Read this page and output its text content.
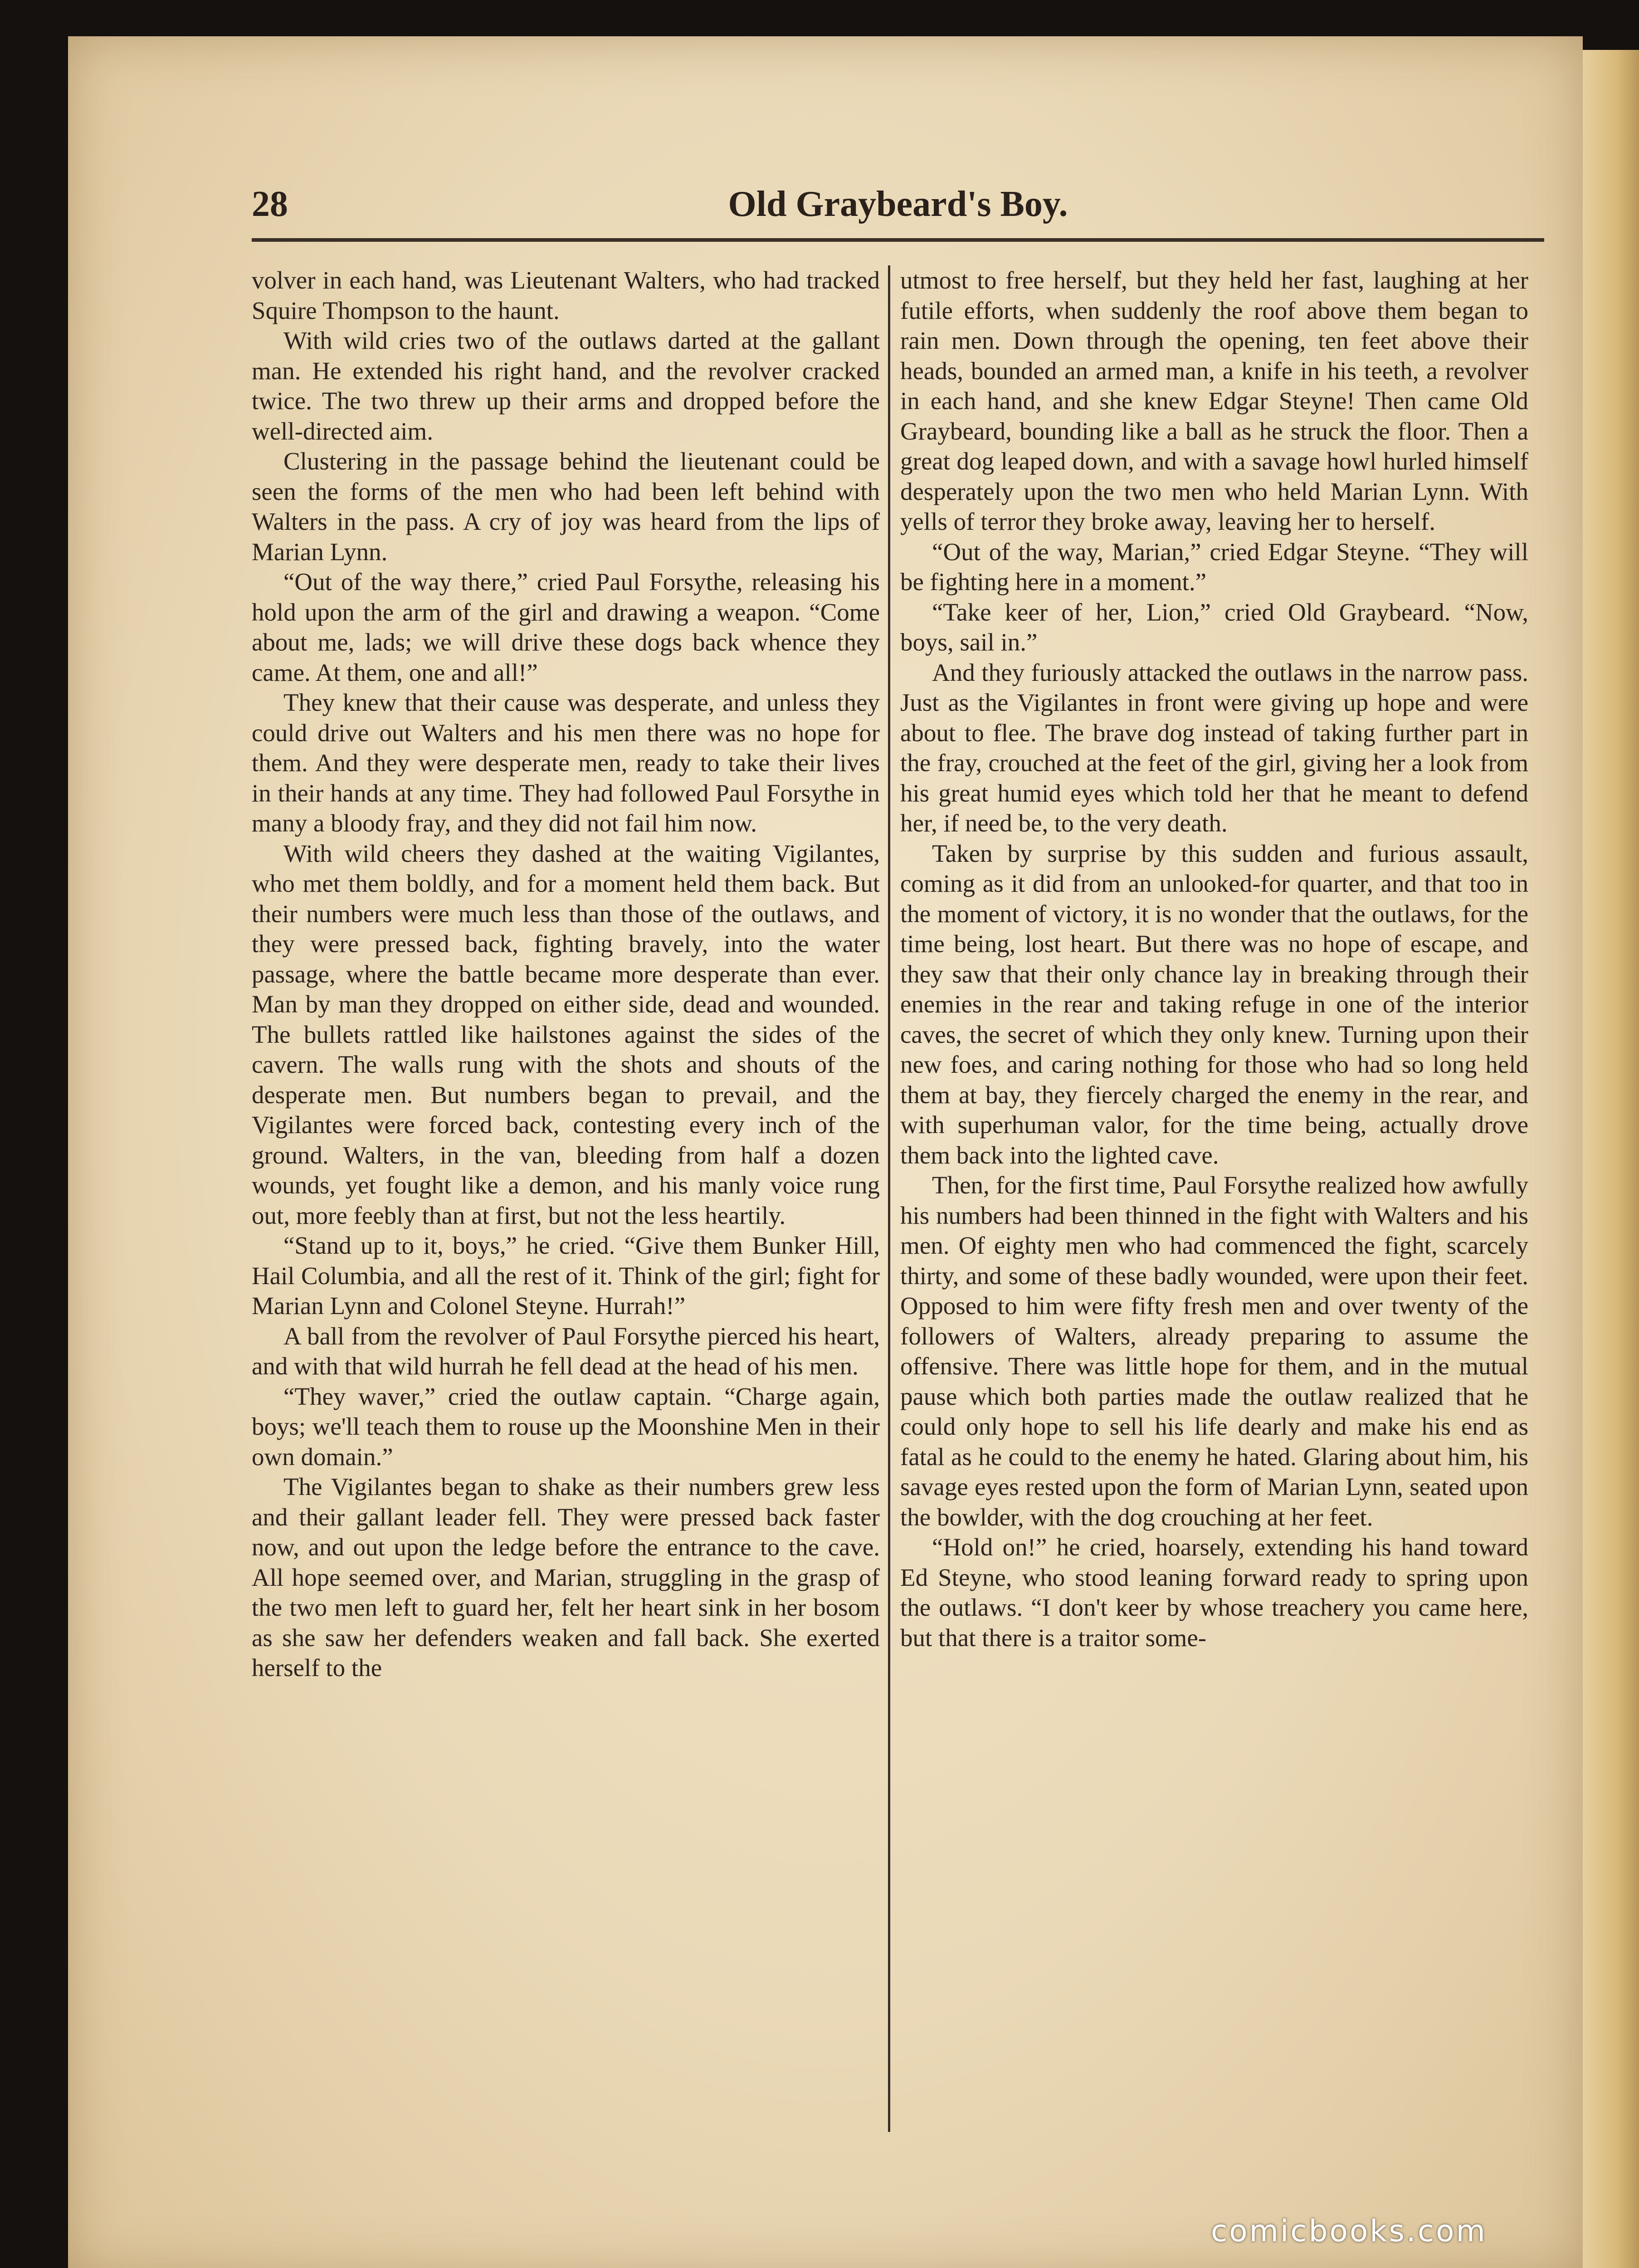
28	Old Graybeard's Boy.

volver in each hand, was Lieutenant Walters, who had tracked Squire Thompson to the haunt.

With wild cries two of the outlaws darted at the gallant man. He extended his right hand, and the revolver cracked twice. The two threw up their arms and dropped before the well-directed aim.

Clustering in the passage behind the lieutenant could be seen the forms of the men who had been left behind with Walters in the pass. A cry of joy was heard from the lips of Marian Lynn.

“Out of the way there,” cried Paul Forsythe, releasing his hold upon the arm of the girl and drawing a weapon. “Come about me, lads; we will drive these dogs back whence they came. At them, one and all!”

They knew that their cause was desperate, and unless they could drive out Walters and his men there was no hope for them. And they were desperate men, ready to take their lives in their hands at any time. They had followed Paul Forsythe in many a bloody fray, and they did not fail him now.

With wild cheers they dashed at the waiting Vigilantes, who met them boldly, and for a moment held them back. But their numbers were much less than those of the outlaws, and they were pressed back, fighting bravely, into the water passage, where the battle became more desperate than ever. Man by man they dropped on either side, dead and wounded. The bullets rattled like hailstones against the sides of the cavern. The walls rung with the shots and shouts of the desperate men. But numbers began to prevail, and the Vigilantes were forced back, contesting every inch of the ground. Walters, in the van, bleeding from half a dozen wounds, yet fought like a demon, and his manly voice rung out, more feebly than at first, but not the less heartily.

“Stand up to it, boys,” he cried. “Give them Bunker Hill, Hail Columbia, and all the rest of it. Think of the girl; fight for Marian Lynn and Colonel Steyne. Hurrah!”

A ball from the revolver of Paul Forsythe pierced his heart, and with that wild hurrah he fell dead at the head of his men.

“They waver,” cried the outlaw captain. “Charge again, boys; we'll teach them to rouse up the Moonshine Men in their own domain.”

The Vigilantes began to shake as their numbers grew less and their gallant leader fell. They were pressed back faster now, and out upon the ledge before the entrance to the cave. All hope seemed over, and Marian, struggling in the grasp of the two men left to guard her, felt her heart sink in her bosom as she saw her defenders weaken and fall back. She exerted herself to the

utmost to free herself, but they held her fast, laughing at her futile efforts, when suddenly the roof above them began to rain men. Down through the opening, ten feet above their heads, bounded an armed man, a knife in his teeth, a revolver in each hand, and she knew Edgar Steyne! Then came Old Graybeard, bounding like a ball as he struck the floor. Then a great dog leaped down, and with a savage howl hurled himself desperately upon the two men who held Marian Lynn. With yells of terror they broke away, leaving her to herself.

“Out of the way, Marian,” cried Edgar Steyne. “They will be fighting here in a moment.”

“Take keer of her, Lion,” cried Old Graybeard. “Now, boys, sail in.”

And they furiously attacked the outlaws in the narrow pass. Just as the Vigilantes in front were giving up hope and were about to flee. The brave dog instead of taking further part in the fray, crouched at the feet of the girl, giving her a look from his great humid eyes which told her that he meant to defend her, if need be, to the very death.

Taken by surprise by this sudden and furious assault, coming as it did from an unlooked-for quarter, and that too in the moment of victory, it is no wonder that the outlaws, for the time being, lost heart. But there was no hope of escape, and they saw that their only chance lay in breaking through their enemies in the rear and taking refuge in one of the interior caves, the secret of which they only knew. Turning upon their new foes, and caring nothing for those who had so long held them at bay, they fiercely charged the enemy in the rear, and with superhuman valor, for the time being, actually drove them back into the lighted cave.

Then, for the first time, Paul Forsythe realized how awfully his numbers had been thinned in the fight with Walters and his men. Of eighty men who had commenced the fight, scarcely thirty, and some of these badly wounded, were upon their feet. Opposed to him were fifty fresh men and over twenty of the followers of Walters, already preparing to assume the offensive. There was little hope for them, and in the mutual pause which both parties made the outlaw realized that he could only hope to sell his life dearly and make his end as fatal as he could to the enemy he hated. Glaring about him, his savage eyes rested upon the form of Marian Lynn, seated upon the bowlder, with the dog crouching at her feet.

“Hold on!” he cried, hoarsely, extending his hand toward Ed Steyne, who stood leaning forward ready to spring upon the outlaws. “I don't keer by whose treachery you came here, but that there is a traitor some-

comicbooks.com
